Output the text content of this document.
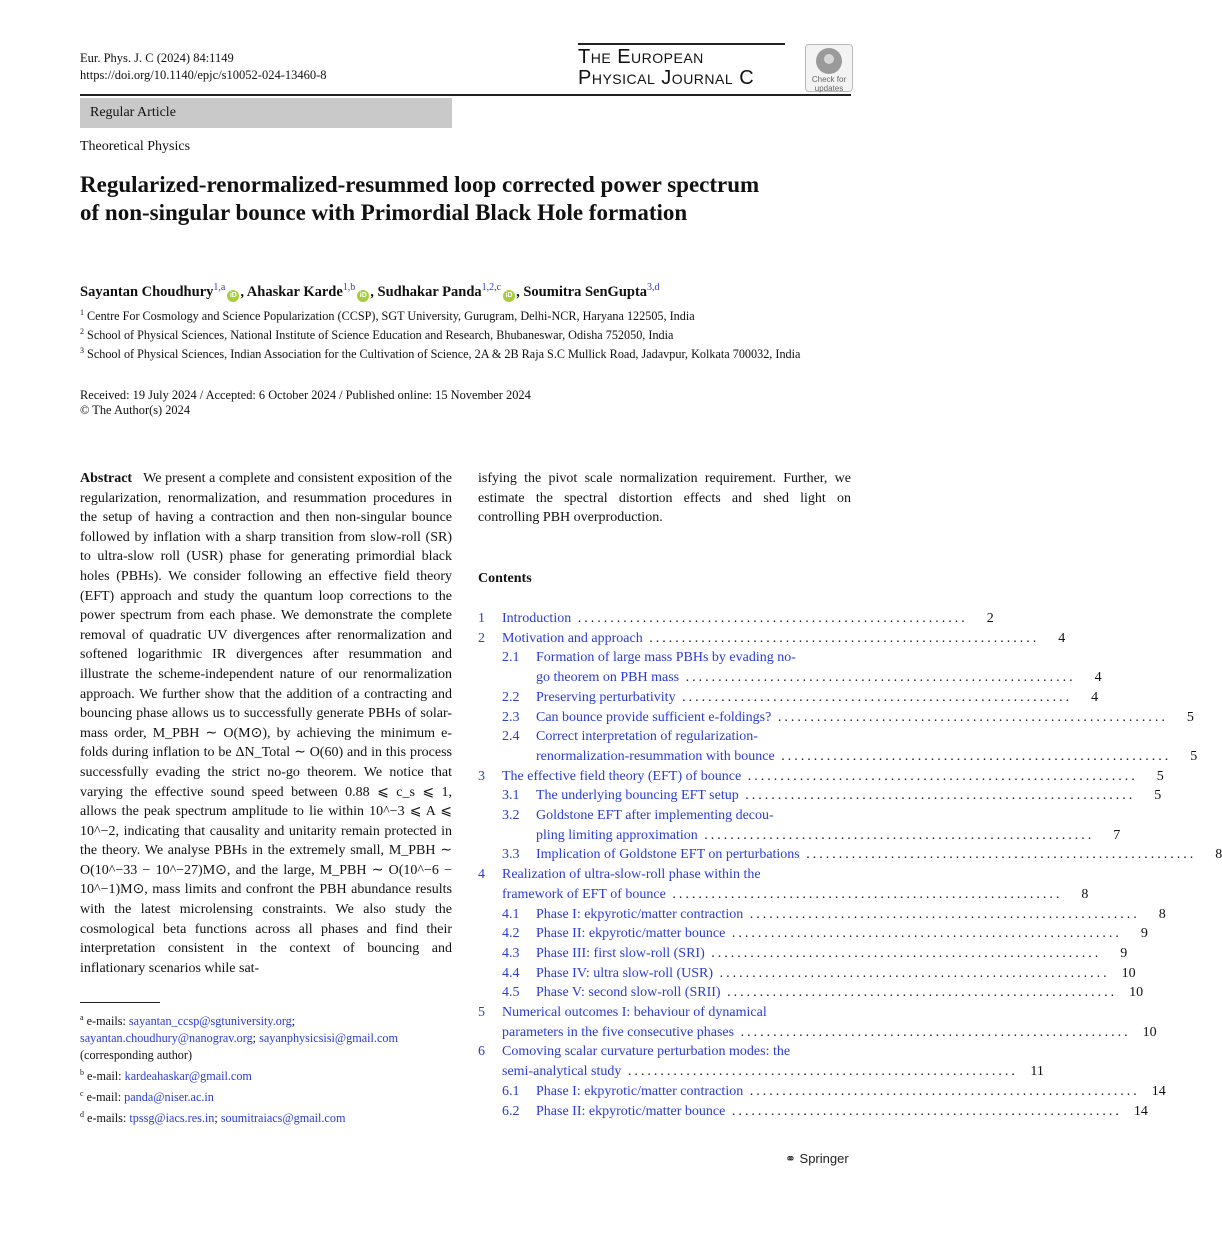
Eur. Phys. J. C (2024) 84:1149
https://doi.org/10.1140/epjc/s10052-024-13460-8
The European
Physical Journal C	Check for
updates
Regular Article
Theoretical Physics
Regularized-renormalized-resummed loop corrected power spectrum of non-singular bounce with Primordial Black Hole formation
Sayantan Choudhury$^{1,a}$iD , Ahaskar Karde$^{1,b}$iD , Sudhakar Panda$^{1,2,c}$iD , Soumitra SenGupta$^{3,d}$
$^1$ Centre For Cosmology and Science Popularization (CCSP), SGT University, Gurugram, Delhi-NCR, Haryana 122505, India
$^2$ School of Physical Sciences, National Institute of Science Education and Research, Bhubaneswar, Odisha 752050, India
$^3$ School of Physical Sciences, Indian Association for the Cultivation of Science, 2A & 2B Raja S.C Mullick Road, Jadavpur, Kolkata 700032, India
Received: 19 July 2024 / Accepted: 6 October 2024 / Published online: 15 November 2024
© The Author(s) 2024
Abstract We present a complete and consistent exposition of the regularization, renormalization, and resummation procedures in the setup of having a contraction and then non-singular bounce followed by inflation with a sharp transition from slow-roll (SR) to ultra-slow roll (USR) phase for generating primordial black holes (PBHs). We consider following an effective field theory (EFT) approach and study the quantum loop corrections to the power spectrum from each phase. We demonstrate the complete removal of quadratic UV divergences after renormalization and softened logarithmic IR divergences after resummation and illustrate the scheme-independent nature of our renormalization approach. We further show that the addition of a contracting and bouncing phase allows us to successfully generate PBHs of solar-mass order, M_PBH ∼ O(M⊙), by achieving the minimum e-folds during inflation to be ΔN_Total ∼ O(60) and in this process successfully evading the strict no-go theorem. We notice that varying the effective sound speed between 0.88 ⩽ c_s ⩽ 1, allows the peak spectrum amplitude to lie within 10^−3 ⩽ A ⩽ 10^−2, indicating that causality and unitarity remain protected in the theory. We analyse PBHs in the extremely small, M_PBH ∼ O(10^−33 − 10^−27)M⊙, and the large, M_PBH ∼ O(10^−6 − 10^−1)M⊙, mass limits and confront the PBH abundance results with the latest microlensing constraints. We also study the cosmological beta functions across all phases and find their interpretation consistent in the context of bouncing and inflationary scenarios while sat-
isfying the pivot scale normalization requirement. Further, we estimate the spectral distortion effects and shed light on controlling PBH overproduction.
$^a$ e-mails: sayantan_ccsp@sgtuniversity.org;
sayantan.choudhury@nanograv.org; sayanphysicsisi@gmail.com
(corresponding author)
$^b$ e-mail: kardeahaskar@gmail.com
$^c$ e-mail: panda@niser.ac.in
$^d$ e-mails: tpssg@iacs.res.in; soumitraiacs@gmail.com
Contents
1	Introduction ............................................................	2
2	Motivation and approach ............................................................	4
2.1	Formation of large mass PBHs by evading no-
go theorem on PBH mass ............................................................	4
2.2	Preserving perturbativity ............................................................	4
2.3	Can bounce provide sufficient e-foldings? ............................................................	5
2.4	Correct interpretation of regularization-
renormalization-resummation with bounce ............................................................	5
3	The effective field theory (EFT) of bounce ............................................................	5
3.1	The underlying bouncing EFT setup ............................................................	5
3.2	Goldstone EFT after implementing decou-
pling limiting approximation ............................................................	7
3.3	Implication of Goldstone EFT on perturbations ............................................................	8
4	Realization of ultra-slow-roll phase within the
framework of EFT of bounce ............................................................	8
4.1	Phase I: ekpyrotic/matter contraction ............................................................	8
4.2	Phase II: ekpyrotic/matter bounce ............................................................	9
4.3	Phase III: first slow-roll (SRI) ............................................................	9
4.4	Phase IV: ultra slow-roll (USR) ............................................................ 10
4.5	Phase V: second slow-roll (SRII) ............................................................ 10
5	Numerical outcomes I: behaviour of dynamical
parameters in the five consecutive phases ............................................................ 10
6	Comoving scalar curvature perturbation modes: the
semi-analytical study ............................................................ 11
6.1	Phase I: ekpyrotic/matter contraction ............................................................ 14
6.2	Phase II: ekpyrotic/matter bounce ............................................................ 14
⚭ Springer
